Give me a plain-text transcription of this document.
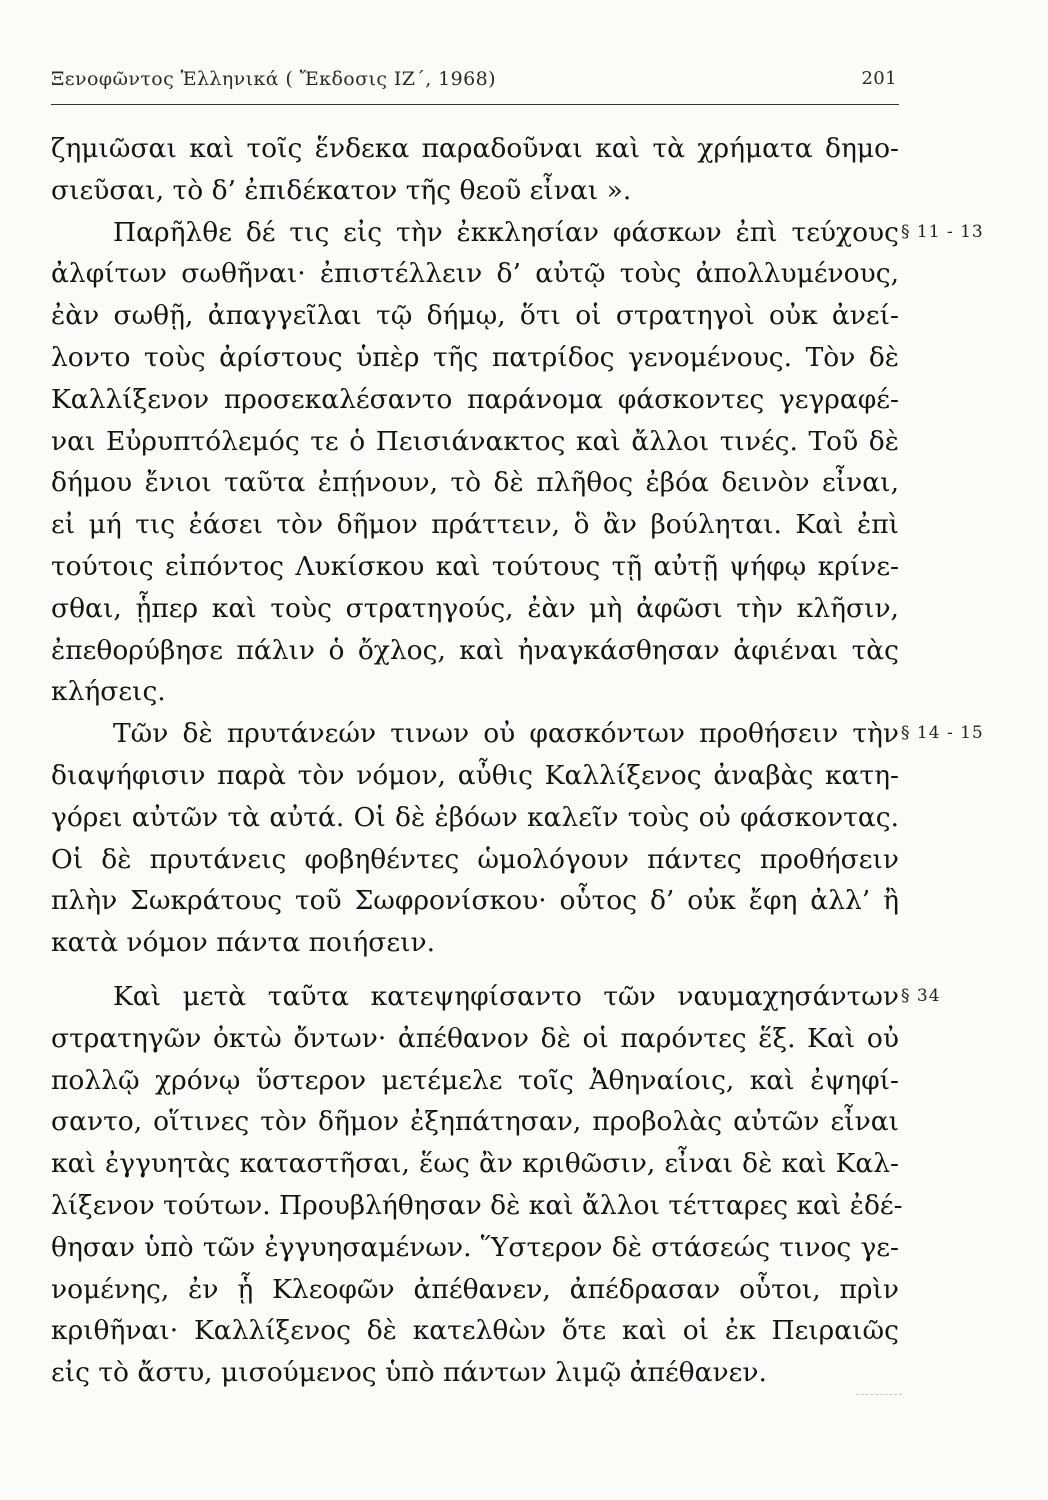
Ξενοφῶντος Ἑλληνικά ( Ἔκδοσις ΙΖ΄, 1968)	201
ζημιῶσαι καὶ τοῖς ἕνδεκα παραδοῦναι καὶ τὰ χρήματα δημο-
σιεῦσαι, τὸ δ’ ἐπιδέκατον τῆς θεοῦ εἶναι ».
Παρῆλθε δέ τις εἰς τὴν ἐκκλησίαν φάσκων ἐπὶ τεύχους § 11 - 13
ἀλφίτων σωθῆναι· ἐπιστέλλειν δ’ αὐτῷ τοὺς ἀπολλυμένους,
ἐὰν σωθῇ, ἀπαγγεῖλαι τῷ δήμῳ, ὅτι οἱ στρατηγοὶ οὐκ ἀνεί-
λοντο τοὺς ἀρίστους ὑπὲρ τῆς πατρίδος γενομένους. Τὸν δὲ
Καλλίξενον προσεκαλέσαντο παράνομα φάσκοντες γεγραφέ-
ναι Εὐρυπτόλεμός τε ὁ Πεισιάνακτος καὶ ἄλλοι τινές. Τοῦ δὲ
δήμου ἔνιοι ταῦτα ἐπῄνουν, τὸ δὲ πλῆθος ἐβόα δεινὸν εἶναι,
εἰ μή τις ἐάσει τὸν δῆμον πράττειν, ὃ ἂν βούληται. Καὶ ἐπὶ
τούτοις εἰπόντος Λυκίσκου καὶ τούτους τῇ αὐτῇ ψήφῳ κρίνε-
σθαι, ᾗπερ καὶ τοὺς στρατηγούς, ἐὰν μὴ ἀφῶσι τὴν κλῆσιν,
ἐπεθορύβησε πάλιν ὁ ὄχλος, καὶ ἠναγκάσθησαν ἀφιέναι τὰς
κλήσεις.
Τῶν δὲ πρυτάνεών τινων οὐ φασκόντων προθήσειν τὴν § 14 - 15
διαψήφισιν παρὰ τὸν νόμον, αὖθις Καλλίξενος ἀναβὰς κατη-
γόρει αὐτῶν τὰ αὐτά. Οἱ δὲ ἐβόων καλεῖν τοὺς οὐ φάσκοντας.
Οἱ δὲ πρυτάνεις φοβηθέντες ὡμολόγουν πάντες προθήσειν
πλὴν Σωκράτους τοῦ Σωφρονίσκου· οὗτος δ’ οὐκ ἔφη ἀλλ’ ἢ
κατὰ νόμον πάντα ποιήσειν.
Καὶ μετὰ ταῦτα κατεψηφίσαντο τῶν ναυμαχησάντων § 34
στρατηγῶν ὀκτὼ ὄντων· ἀπέθανον δὲ οἱ παρόντες ἕξ. Καὶ οὐ
πολλῷ χρόνῳ ὕστερον μετέμελε τοῖς Ἀθηναίοις, καὶ ἐψηφί-
σαντο, οἵτινες τὸν δῆμον ἐξηπάτησαν, προβολὰς αὐτῶν εἶναι
καὶ ἐγγυητὰς καταστῆσαι, ἕως ἂν κριθῶσιν, εἶναι δὲ καὶ Καλ-
λίξενον τούτων. Προυβλήθησαν δὲ καὶ ἄλλοι τέτταρες καὶ ἐδέ-
θησαν ὑπὸ τῶν ἐγγυησαμένων. Ὕστερον δὲ στάσεώς τινος γε-
νομένης, ἐν ᾗ Κλεοφῶν ἀπέθανεν, ἀπέδρασαν οὗτοι, πρὶν
κριθῆναι· Καλλίξενος δὲ κατελθὼν ὅτε καὶ οἱ ἐκ Πειραιῶς
εἰς τὸ ἄστυ, μισούμενος ὑπὸ πάντων λιμῷ ἀπέθανεν.
